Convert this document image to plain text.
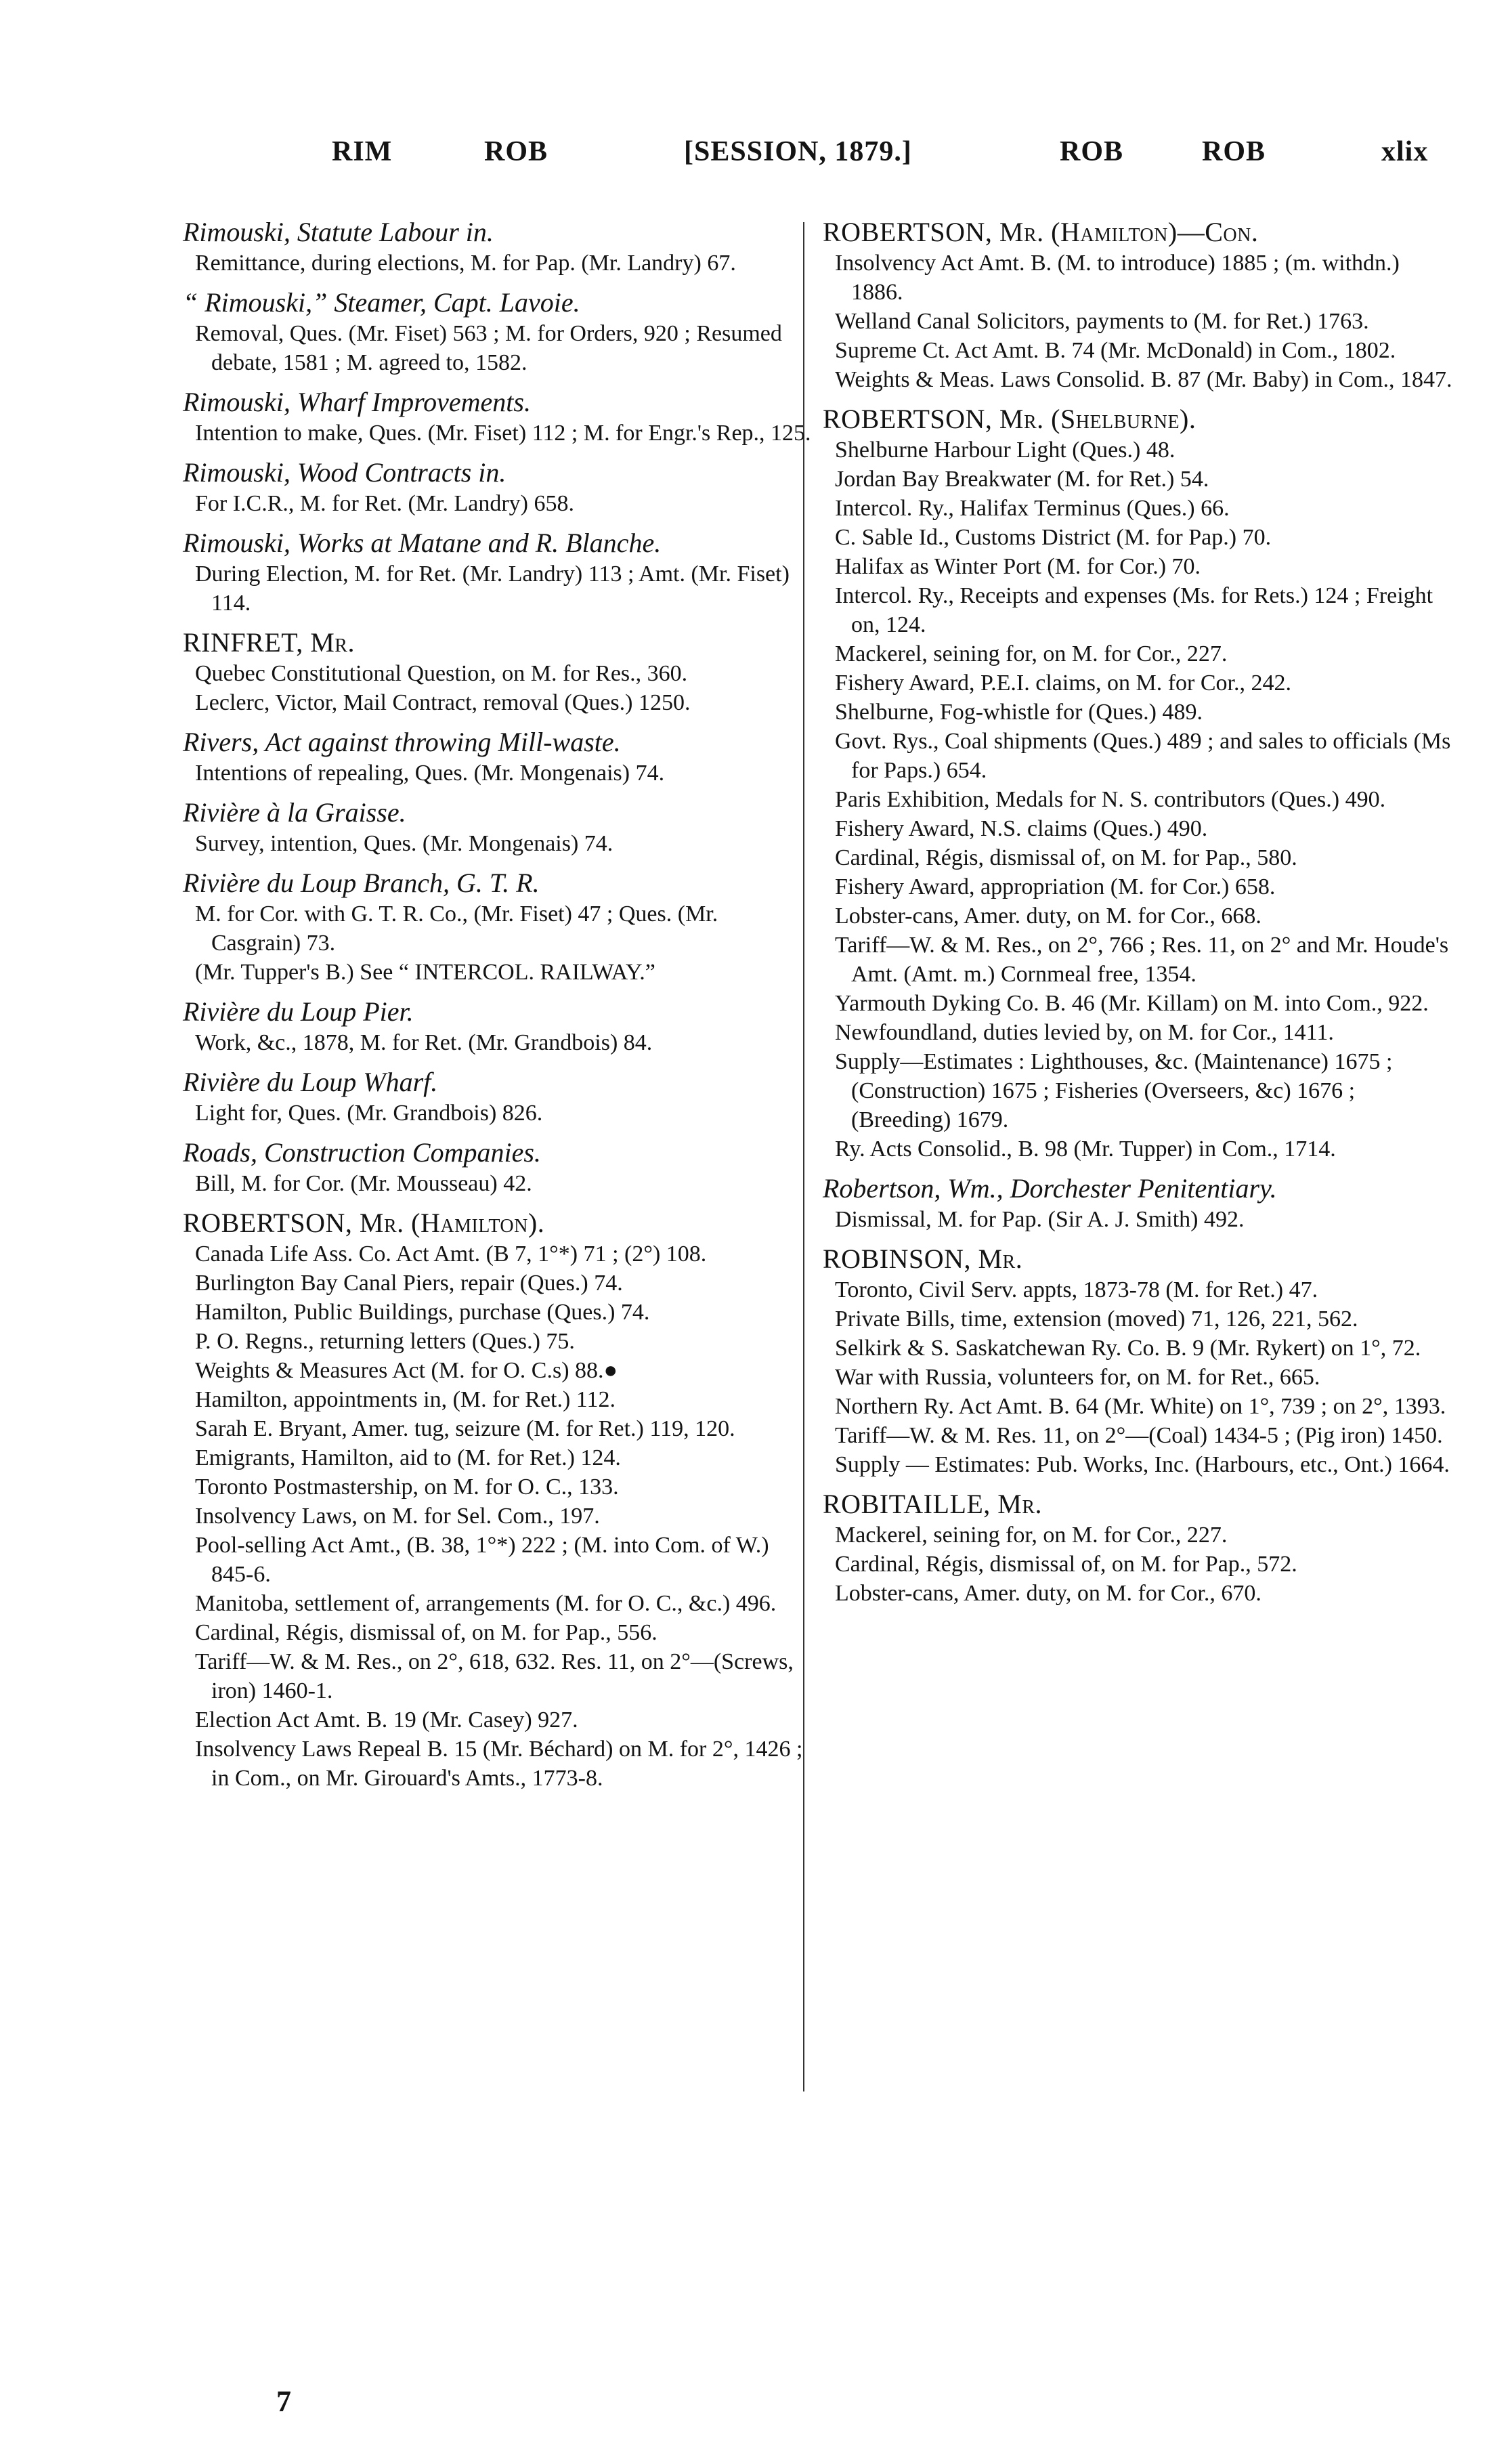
RIM	ROB	[SESSION, 1879.]	ROB	ROB	xlix
Rimouski, Statute Labour in.

Remittance, during elections, M. for Pap. (Mr. Landry) 67.

“ Rimouski,” Steamer, Capt. Lavoie.

Removal, Ques. (Mr. Fiset) 563 ; M. for Orders, 920 ; Resumed debate, 1581 ; M. agreed to, 1582.

Rimouski, Wharf Improvements.

Intention to make, Ques. (Mr. Fiset) 112 ; M. for Engr.'s Rep., 125.

Rimouski, Wood Contracts in.

For I.C.R., M. for Ret. (Mr. Landry) 658.

Rimouski, Works at Matane and R. Blanche.

During Election, M. for Ret. (Mr. Landry) 113 ; Amt. (Mr. Fiset) 114.

RINFRET, Mr.

Quebec Constitutional Question, on M. for Res., 360.

Leclerc, Victor, Mail Contract, removal (Ques.) 1250.

Rivers, Act against throwing Mill-waste.

Intentions of repealing, Ques. (Mr. Mongenais) 74.

Rivière à la Graisse.

Survey, intention, Ques. (Mr. Mongenais) 74.

Rivière du Loup Branch, G. T. R.

M. for Cor. with G. T. R. Co., (Mr. Fiset) 47 ; Ques. (Mr. Casgrain) 73.

(Mr. Tupper's B.) See “ INTERCOL. RAILWAY.”

Rivière du Loup Pier.

Work, &c., 1878, M. for Ret. (Mr. Grandbois) 84.

Rivière du Loup Wharf.

Light for, Ques. (Mr. Grandbois) 826.

Roads, Construction Companies.

Bill, M. for Cor. (Mr. Mousseau) 42.

ROBERTSON, Mr. (Hamilton).

Canada Life Ass. Co. Act Amt. (B 7, 1°*) 71 ; (2°) 108.

Burlington Bay Canal Piers, repair (Ques.) 74.

Hamilton, Public Buildings, purchase (Ques.) 74.

P. O. Regns., returning letters (Ques.) 75.

Weights & Measures Act (M. for O. C.s) 88.●

Hamilton, appointments in, (M. for Ret.) 112.

Sarah E. Bryant, Amer. tug, seizure (M. for Ret.) 119, 120.

Emigrants, Hamilton, aid to (M. for Ret.) 124.

Toronto Postmastership, on M. for O. C., 133.

Insolvency Laws, on M. for Sel. Com., 197.

Pool-selling Act Amt., (B. 38, 1°*) 222 ; (M. into Com. of W.) 845-6.

Manitoba, settlement of, arrangements (M. for O. C., &c.) 496.

Cardinal, Régis, dismissal of, on M. for Pap., 556.

Tariff—W. & M. Res., on 2°, 618, 632. Res. 11, on 2°—(Screws, iron) 1460-1.

Election Act Amt. B. 19 (Mr. Casey) 927.

Insolvency Laws Repeal B. 15 (Mr. Béchard) on M. for 2°, 1426 ; in Com., on Mr. Girouard's Amts., 1773-8.

ROBERTSON, Mr. (Hamilton)—Con.

Insolvency Act Amt. B. (M. to introduce) 1885 ; (m. withdn.) 1886.

Welland Canal Solicitors, payments to (M. for Ret.) 1763.

Supreme Ct. Act Amt. B. 74 (Mr. McDonald) in Com., 1802.

Weights & Meas. Laws Consolid. B. 87 (Mr. Baby) in Com., 1847.

ROBERTSON, Mr. (Shelburne).

Shelburne Harbour Light (Ques.) 48.

Jordan Bay Breakwater (M. for Ret.) 54.

Intercol. Ry., Halifax Terminus (Ques.) 66.

C. Sable Id., Customs District (M. for Pap.) 70.

Halifax as Winter Port (M. for Cor.) 70.

Intercol. Ry., Receipts and expenses (Ms. for Rets.) 124 ; Freight on, 124.

Mackerel, seining for, on M. for Cor., 227.

Fishery Award, P.E.I. claims, on M. for Cor., 242.

Shelburne, Fog-whistle for (Ques.) 489.

Govt. Rys., Coal shipments (Ques.) 489 ; and sales to officials (Ms for Paps.) 654.

Paris Exhibition, Medals for N. S. contributors (Ques.) 490.

Fishery Award, N.S. claims (Ques.) 490.

Cardinal, Régis, dismissal of, on M. for Pap., 580.

Fishery Award, appropriation (M. for Cor.) 658.

Lobster-cans, Amer. duty, on M. for Cor., 668.

Tariff—W. & M. Res., on 2°, 766 ; Res. 11, on 2° and Mr. Houde's Amt. (Amt. m.) Cornmeal free, 1354.

Yarmouth Dyking Co. B. 46 (Mr. Killam) on M. into Com., 922.

Newfoundland, duties levied by, on M. for Cor., 1411.

Supply—Estimates : Lighthouses, &c. (Maintenance) 1675 ; (Construction) 1675 ; Fisheries (Overseers, &c) 1676 ; (Breeding) 1679.

Ry. Acts Consolid., B. 98 (Mr. Tupper) in Com., 1714.

Robertson, Wm., Dorchester Penitentiary.

Dismissal, M. for Pap. (Sir A. J. Smith) 492.

ROBINSON, Mr.

Toronto, Civil Serv. appts, 1873-78 (M. for Ret.) 47.

Private Bills, time, extension (moved) 71, 126, 221, 562.

Selkirk & S. Saskatchewan Ry. Co. B. 9 (Mr. Rykert) on 1°, 72.

War with Russia, volunteers for, on M. for Ret., 665.

Northern Ry. Act Amt. B. 64 (Mr. White) on 1°, 739 ; on 2°, 1393.

Tariff—W. & M. Res. 11, on 2°—(Coal) 1434-5 ; (Pig iron) 1450.

Supply — Estimates: Pub. Works, Inc. (Harbours, etc., Ont.) 1664.

ROBITAILLE, Mr.

Mackerel, seining for, on M. for Cor., 227.

Cardinal, Régis, dismissal of, on M. for Pap., 572.

Lobster-cans, Amer. duty, on M. for Cor., 670.

7
